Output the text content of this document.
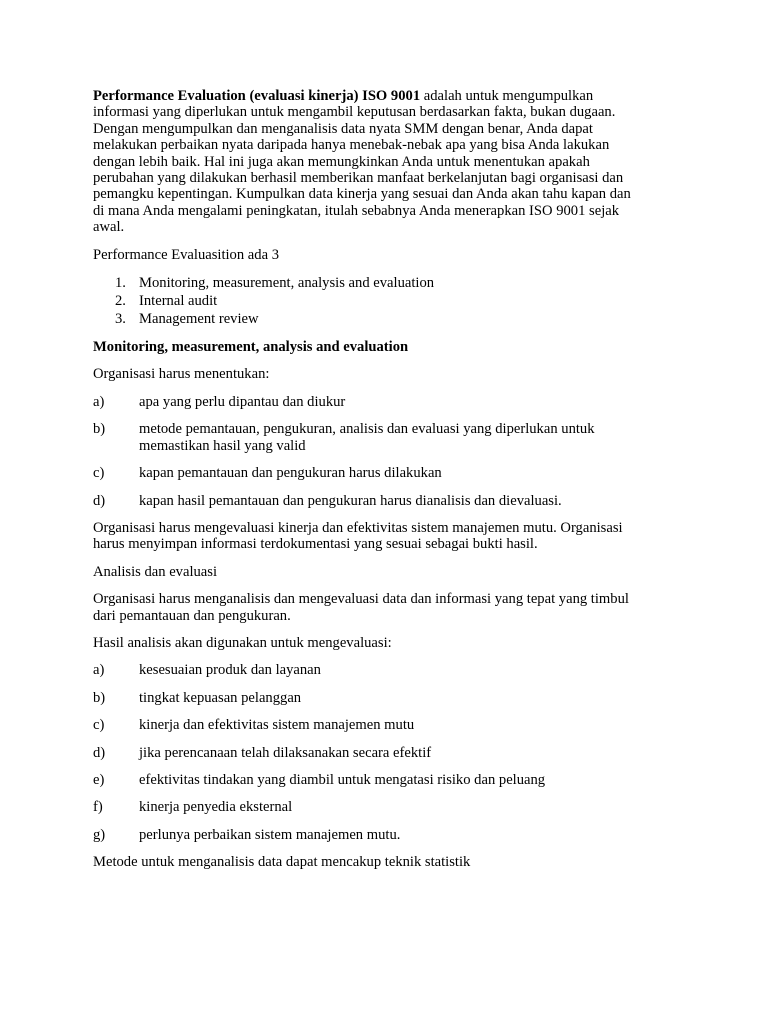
Performance Evaluation (evaluasi kinerja) ISO 9001 adalah untuk mengumpulkan
informasi yang diperlukan untuk mengambil keputusan berdasarkan fakta, bukan dugaan.
Dengan mengumpulkan dan menganalisis data nyata SMM dengan benar, Anda dapat
melakukan perbaikan nyata daripada hanya menebak-nebak apa yang bisa Anda lakukan
dengan lebih baik. Hal ini juga akan memungkinkan Anda untuk menentukan apakah
perubahan yang dilakukan berhasil memberikan manfaat berkelanjutan bagi organisasi dan
pemangku kepentingan. Kumpulkan data kinerja yang sesuai dan Anda akan tahu kapan dan
di mana Anda mengalami peningkatan, itulah sebabnya Anda menerapkan ISO 9001 sejak
awal.

Performance Evaluasition ada 3

1. Monitoring, measurement, analysis and evaluation
2. Internal audit
3. Management review

Monitoring, measurement, analysis and evaluation

Organisasi harus menentukan:

a) apa yang perlu dipantau dan diukur
b) metode pemantauan, pengukuran, analisis dan evaluasi yang diperlukan untuk
memastikan hasil yang valid
c) kapan pemantauan dan pengukuran harus dilakukan
d) kapan hasil pemantauan dan pengukuran harus dianalisis dan dievaluasi.

Organisasi harus mengevaluasi kinerja dan efektivitas sistem manajemen mutu. Organisasi
harus menyimpan informasi terdokumentasi yang sesuai sebagai bukti hasil.

Analisis dan evaluasi

Organisasi harus menganalisis dan mengevaluasi data dan informasi yang tepat yang timbul
dari pemantauan dan pengukuran.

Hasil analisis akan digunakan untuk mengevaluasi:

a) kesesuaian produk dan layanan
b) tingkat kepuasan pelanggan
c) kinerja dan efektivitas sistem manajemen mutu
d) jika perencanaan telah dilaksanakan secara efektif
e) efektivitas tindakan yang diambil untuk mengatasi risiko dan peluang
f) kinerja penyedia eksternal
g) perlunya perbaikan sistem manajemen mutu.

Metode untuk menganalisis data dapat mencakup teknik statistik
